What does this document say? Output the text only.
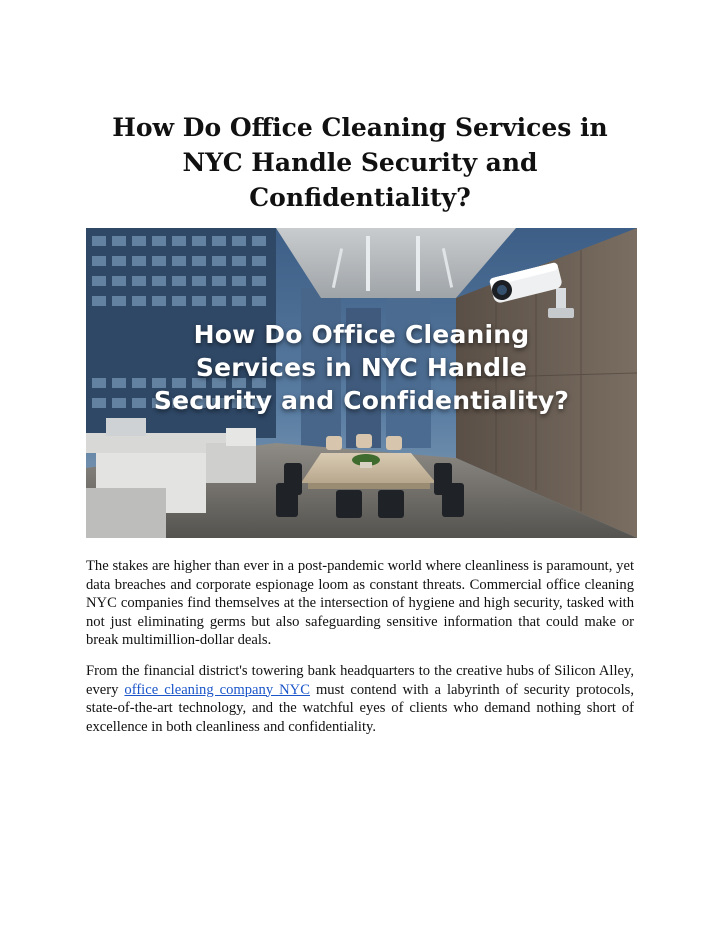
How Do Office Cleaning Services in NYC Handle Security and Confidentiality?
How Do Office Cleaning
Services in NYC Handle
Security and Confidentiality?

The stakes are higher than ever in a post-pandemic world where cleanliness is paramount, yet data breaches and corporate espionage loom as constant threats. Commercial office cleaning NYC companies find themselves at the intersection of hygiene and high security, tasked with not just eliminating germs but also safeguarding sensitive information that could make or break multimillion-dollar deals.

From the financial district's towering bank headquarters to the creative hubs of Silicon Alley, every office cleaning company NYC must contend with a labyrinth of security protocols, state-of-the-art technology, and the watchful eyes of clients who demand nothing short of excellence in both cleanliness and confidentiality.
